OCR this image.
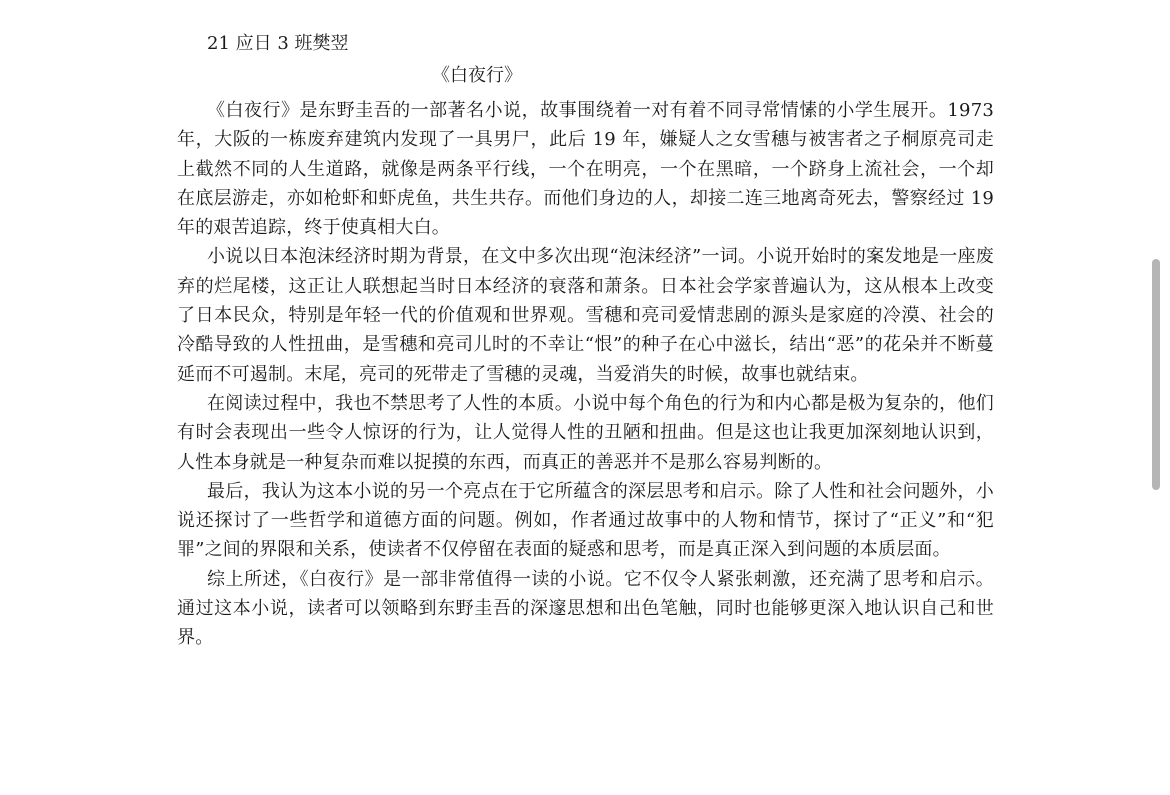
21 应日 3 班樊翌
《白夜行》

《白夜行》是东野圭吾的一部著名小说，故事围绕着一对有着不同寻常情愫的小学生展开。1973 年，大阪的一栋废弃建筑内发现了一具男尸，此后 19 年，嫌疑人之女雪穗与被害者之子桐原亮司走上截然不同的人生道路，就像是两条平行线，一个在明亮，一个在黑暗，一个跻身上流社会，一个却在底层游走，亦如枪虾和虾虎鱼，共生共存。而他们身边的人，却接二连三地离奇死去，警察经过 19 年的艰苦追踪，终于使真相大白。

小说以日本泡沫经济时期为背景，在文中多次出现“泡沫经济”一词。小说开始时的案发地是一座废弃的烂尾楼，这正让人联想起当时日本经济的衰落和萧条。日本社会学家普遍认为，这从根本上改变了日本民众，特别是年轻一代的价值观和世界观。雪穗和亮司爱情悲剧的源头是家庭的冷漠、社会的冷酷导致的人性扭曲，是雪穗和亮司儿时的不幸让“恨”的种子在心中滋长，结出“恶”的花朵并不断蔓延而不可遏制。末尾，亮司的死带走了雪穗的灵魂，当爱消失的时候，故事也就结束。

在阅读过程中，我也不禁思考了人性的本质。小说中每个角色的行为和内心都是极为复杂的，他们有时会表现出一些令人惊讶的行为，让人觉得人性的丑陋和扭曲。但是这也让我更加深刻地认识到，人性本身就是一种复杂而难以捉摸的东西，而真正的善恶并不是那么容易判断的。

最后，我认为这本小说的另一个亮点在于它所蕴含的深层思考和启示。除了人性和社会问题外，小说还探讨了一些哲学和道德方面的问题。例如，作者通过故事中的人物和情节，探讨了“正义”和“犯罪”之间的界限和关系，使读者不仅停留在表面的疑惑和思考，而是真正深入到问题的本质层面。

综上所述，《白夜行》是一部非常值得一读的小说。它不仅令人紧张刺激，还充满了思考和启示。通过这本小说，读者可以领略到东野圭吾的深邃思想和出色笔触，同时也能够更深入地认识自己和世界。
